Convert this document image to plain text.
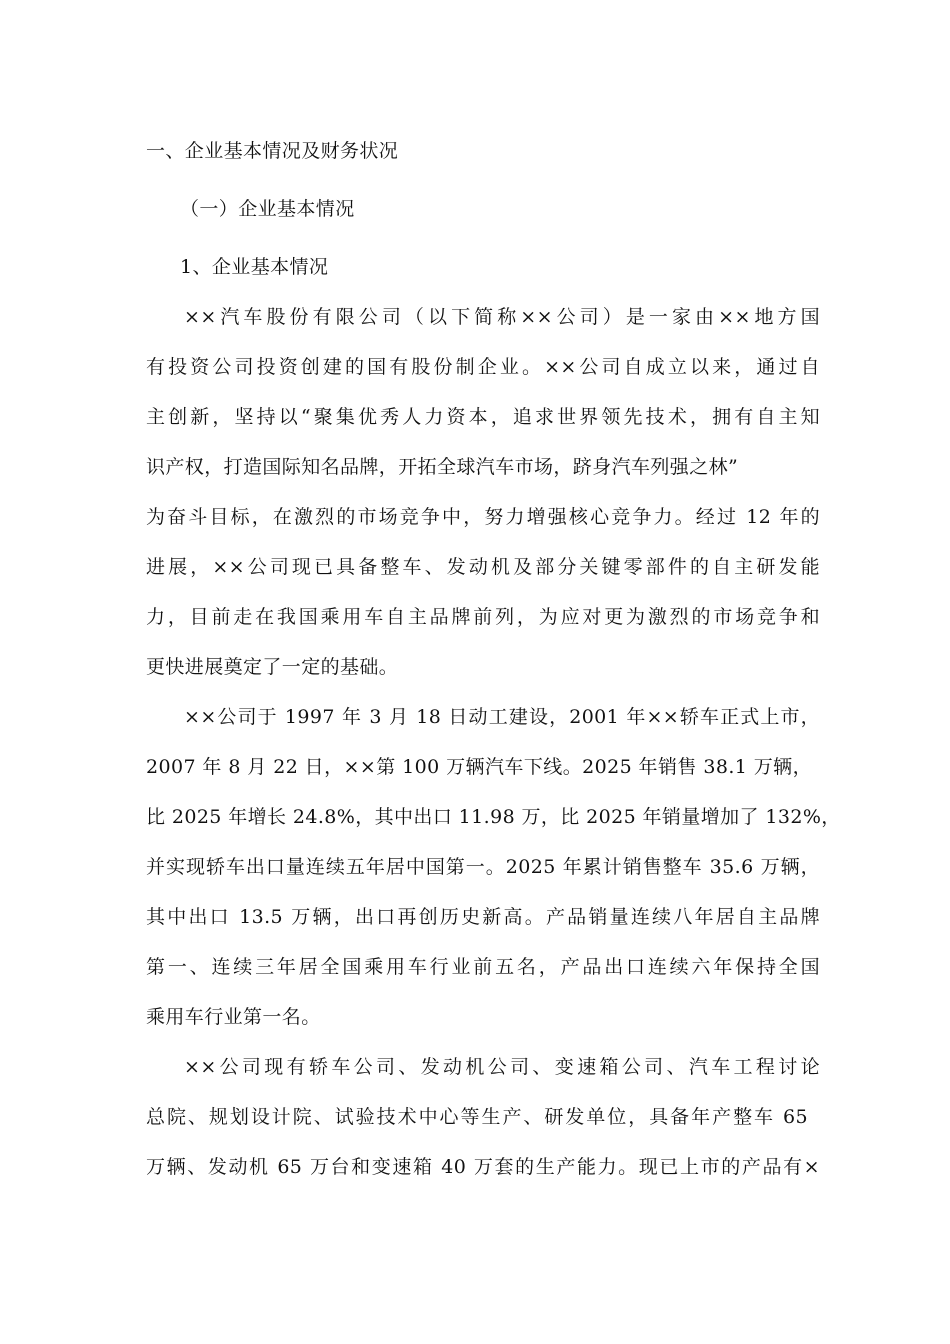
一、企业基本情况及财务状况
（一）企业基本情况
1、企业基本情况
××汽车股份有限公司（以下简称××公司）是一家由××地方国
有投资公司投资创建的国有股份制企业。××公司自成立以来，通过自
主创新，坚持以“聚集优秀人力资本，追求世界领先技术，拥有自主知
识产权，打造国际知名品牌，开拓全球汽车市场，跻身汽车列强之林”
为奋斗目标，在激烈的市场竞争中，努力增强核心竞争力。经过 12 年的
进展，××公司现已具备整车、发动机及部分关键零部件的自主研发能
力，目前走在我国乘用车自主品牌前列，为应对更为激烈的市场竞争和
更快进展奠定了一定的基础。
××公司于 1997 年 3 月 18 日动工建设，2001 年××轿车正式上市，
2007 年 8 月 22 日，××第 100 万辆汽车下线。2025 年销售 38.1 万辆，
比 2025 年增长 24.8%，其中出口 11.98 万，比 2025 年销量增加了 132%，
并实现轿车出口量连续五年居中国第一。2025 年累计销售整车 35.6 万辆，
其中出口 13.5 万辆，出口再创历史新高。产品销量连续八年居自主品牌
第一、连续三年居全国乘用车行业前五名，产品出口连续六年保持全国
乘用车行业第一名。
××公司现有轿车公司、发动机公司、变速箱公司、汽车工程讨论
总院、规划设计院、试验技术中心等生产、研发单位，具备年产整车 65
万辆、发动机 65 万台和变速箱 40 万套的生产能力。现已上市的产品有×
